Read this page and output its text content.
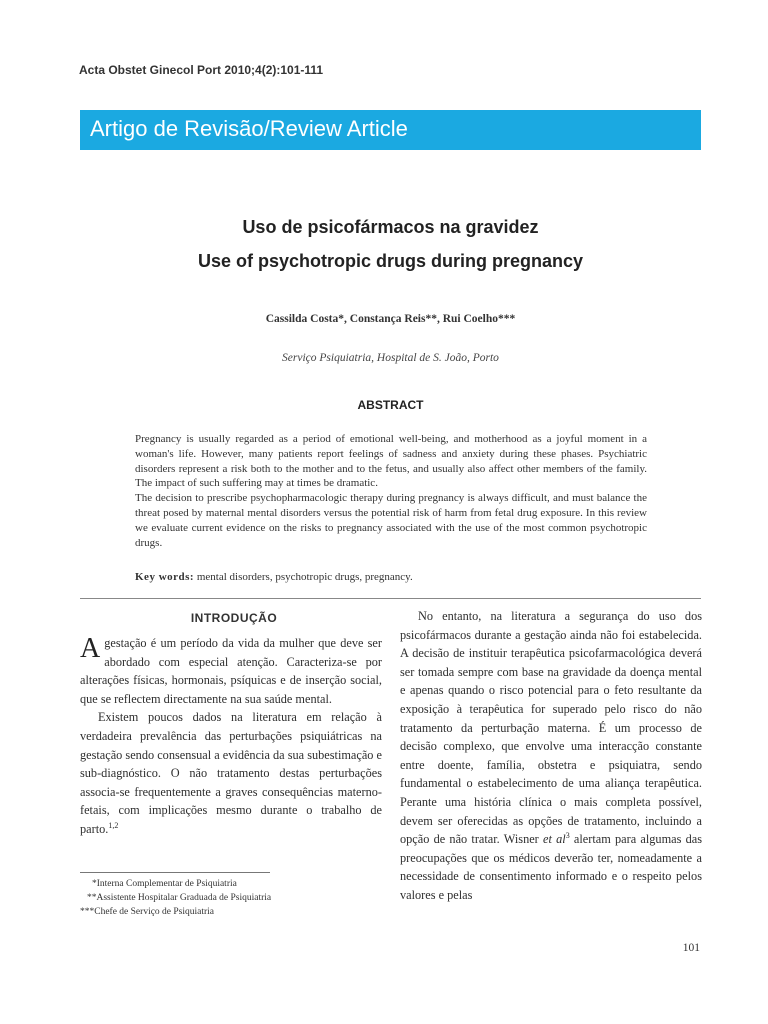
Acta Obstet Ginecol Port 2010;4(2):101-111
Artigo de Revisão/Review Article
Uso de psicofármacos na gravidez
Use of psychotropic drugs during pregnancy
Cassilda Costa*, Constança Reis**, Rui Coelho***
Serviço Psiquiatria, Hospital de S. João, Porto
ABSTRACT

Pregnancy is usually regarded as a period of emotional well-being, and motherhood as a joyful moment in a woman's life. However, many patients report feelings of sadness and anxiety during these phases. Psychiatric disorders represent a risk both to the mother and to the fetus, and usually also affect other members of the family. The impact of such suffering may at times be dramatic.

The decision to prescribe psychopharmacologic therapy during pregnancy is always difficult, and must balance the threat posed by maternal mental disorders versus the potential risk of harm from fetal drug exposure. In this review we evaluate current evidence on the risks to pregnancy associated with the use of the most common psychotropic drugs.

Key words: mental disorders, psychotropic drugs, pregnancy.
INTRODUÇÃO

Agestação é um período da vida da mulher que deve ser abordado com especial atenção. Caracteriza-se por alterações físicas, hormonais, psíquicas e de inserção social, que se reflectem directamente na sua saúde mental.

Existem poucos dados na literatura em relação à verdadeira prevalência das perturbações psiquiátricas na gestação sendo consensual a evidência da sua subestimação e sub-diagnóstico. O não tratamento destas perturbações associa-se frequentemente a graves consequências materno-fetais, com implicações mesmo durante o trabalho de parto.$^{1,2}$

No entanto, na literatura a segurança do uso dos psicofármacos durante a gestação ainda não foi estabelecida. A decisão de instituir terapêutica psicofarmacológica deverá ser tomada sempre com base na gravidade da doença mental e apenas quando o risco potencial para o feto resultante da exposição à terapêutica for superado pelo risco do não tratamento da perturbação materna. É um processo de decisão complexo, que envolve uma interacção constante entre doente, família, obstetra e psiquiatra, sendo fundamental o estabelecimento de uma aliança terapêutica. Perante uma história clínica o mais completa possível, devem ser oferecidas as opções de tratamento, incluindo a opção de não tratar. Wisner et $al^3$ alertam para algumas das preocupações que os médicos deverão ter, nomeadamente a necessidade de consentimento informado e o respeito pelos valores e pelas

*Interna Complementar de Psiquiatria
**Assistente Hospitalar Graduada de Psiquiatria
***Chefe de Serviço de Psiquiatria
101
